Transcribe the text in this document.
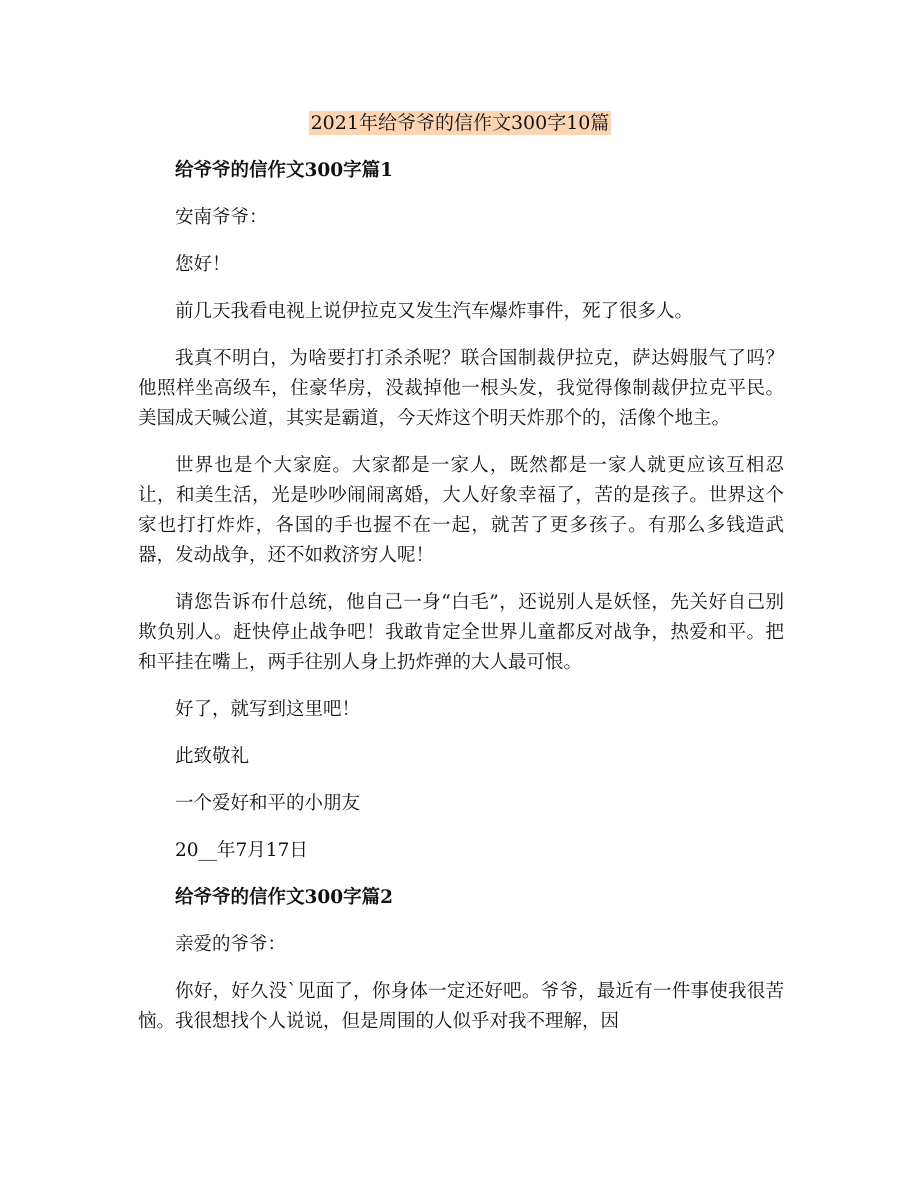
2021年给爷爷的信作文300字10篇
给爷爷的信作文300字篇1

安南爷爷：

您好！

前几天我看电视上说伊拉克又发生汽车爆炸事件，死了很多人。

我真不明白，为啥要打打杀杀呢？联合国制裁伊拉克，萨达姆服气了吗？他照样坐高级车，住豪华房，没裁掉他一根头发，我觉得像制裁伊拉克平民。美国成天喊公道，其实是霸道，今天炸这个明天炸那个的，活像个地主。

世界也是个大家庭。大家都是一家人，既然都是一家人就更应该互相忍让，和美生活，光是吵吵闹闹离婚，大人好象幸福了，苦的是孩子。世界这个家也打打炸炸，各国的手也握不在一起，就苦了更多孩子。有那么多钱造武器，发动战争，还不如救济穷人呢！

请您告诉布什总统，他自己一身“白毛”，还说别人是妖怪，先关好自己别欺负别人。赶快停止战争吧！我敢肯定全世界儿童都反对战争，热爱和平。把和平挂在嘴上，两手往别人身上扔炸弹的大人最可恨。

好了，就写到这里吧！

此致敬礼

一个爱好和平的小朋友

20__年7月17日

给爷爷的信作文300字篇2

亲爱的爷爷：

你好，好久没`见面了，你身体一定还好吧。爷爷，最近有一件事使我很苦恼。我很想找个人说说，但是周围的人似乎对我不理解，因
